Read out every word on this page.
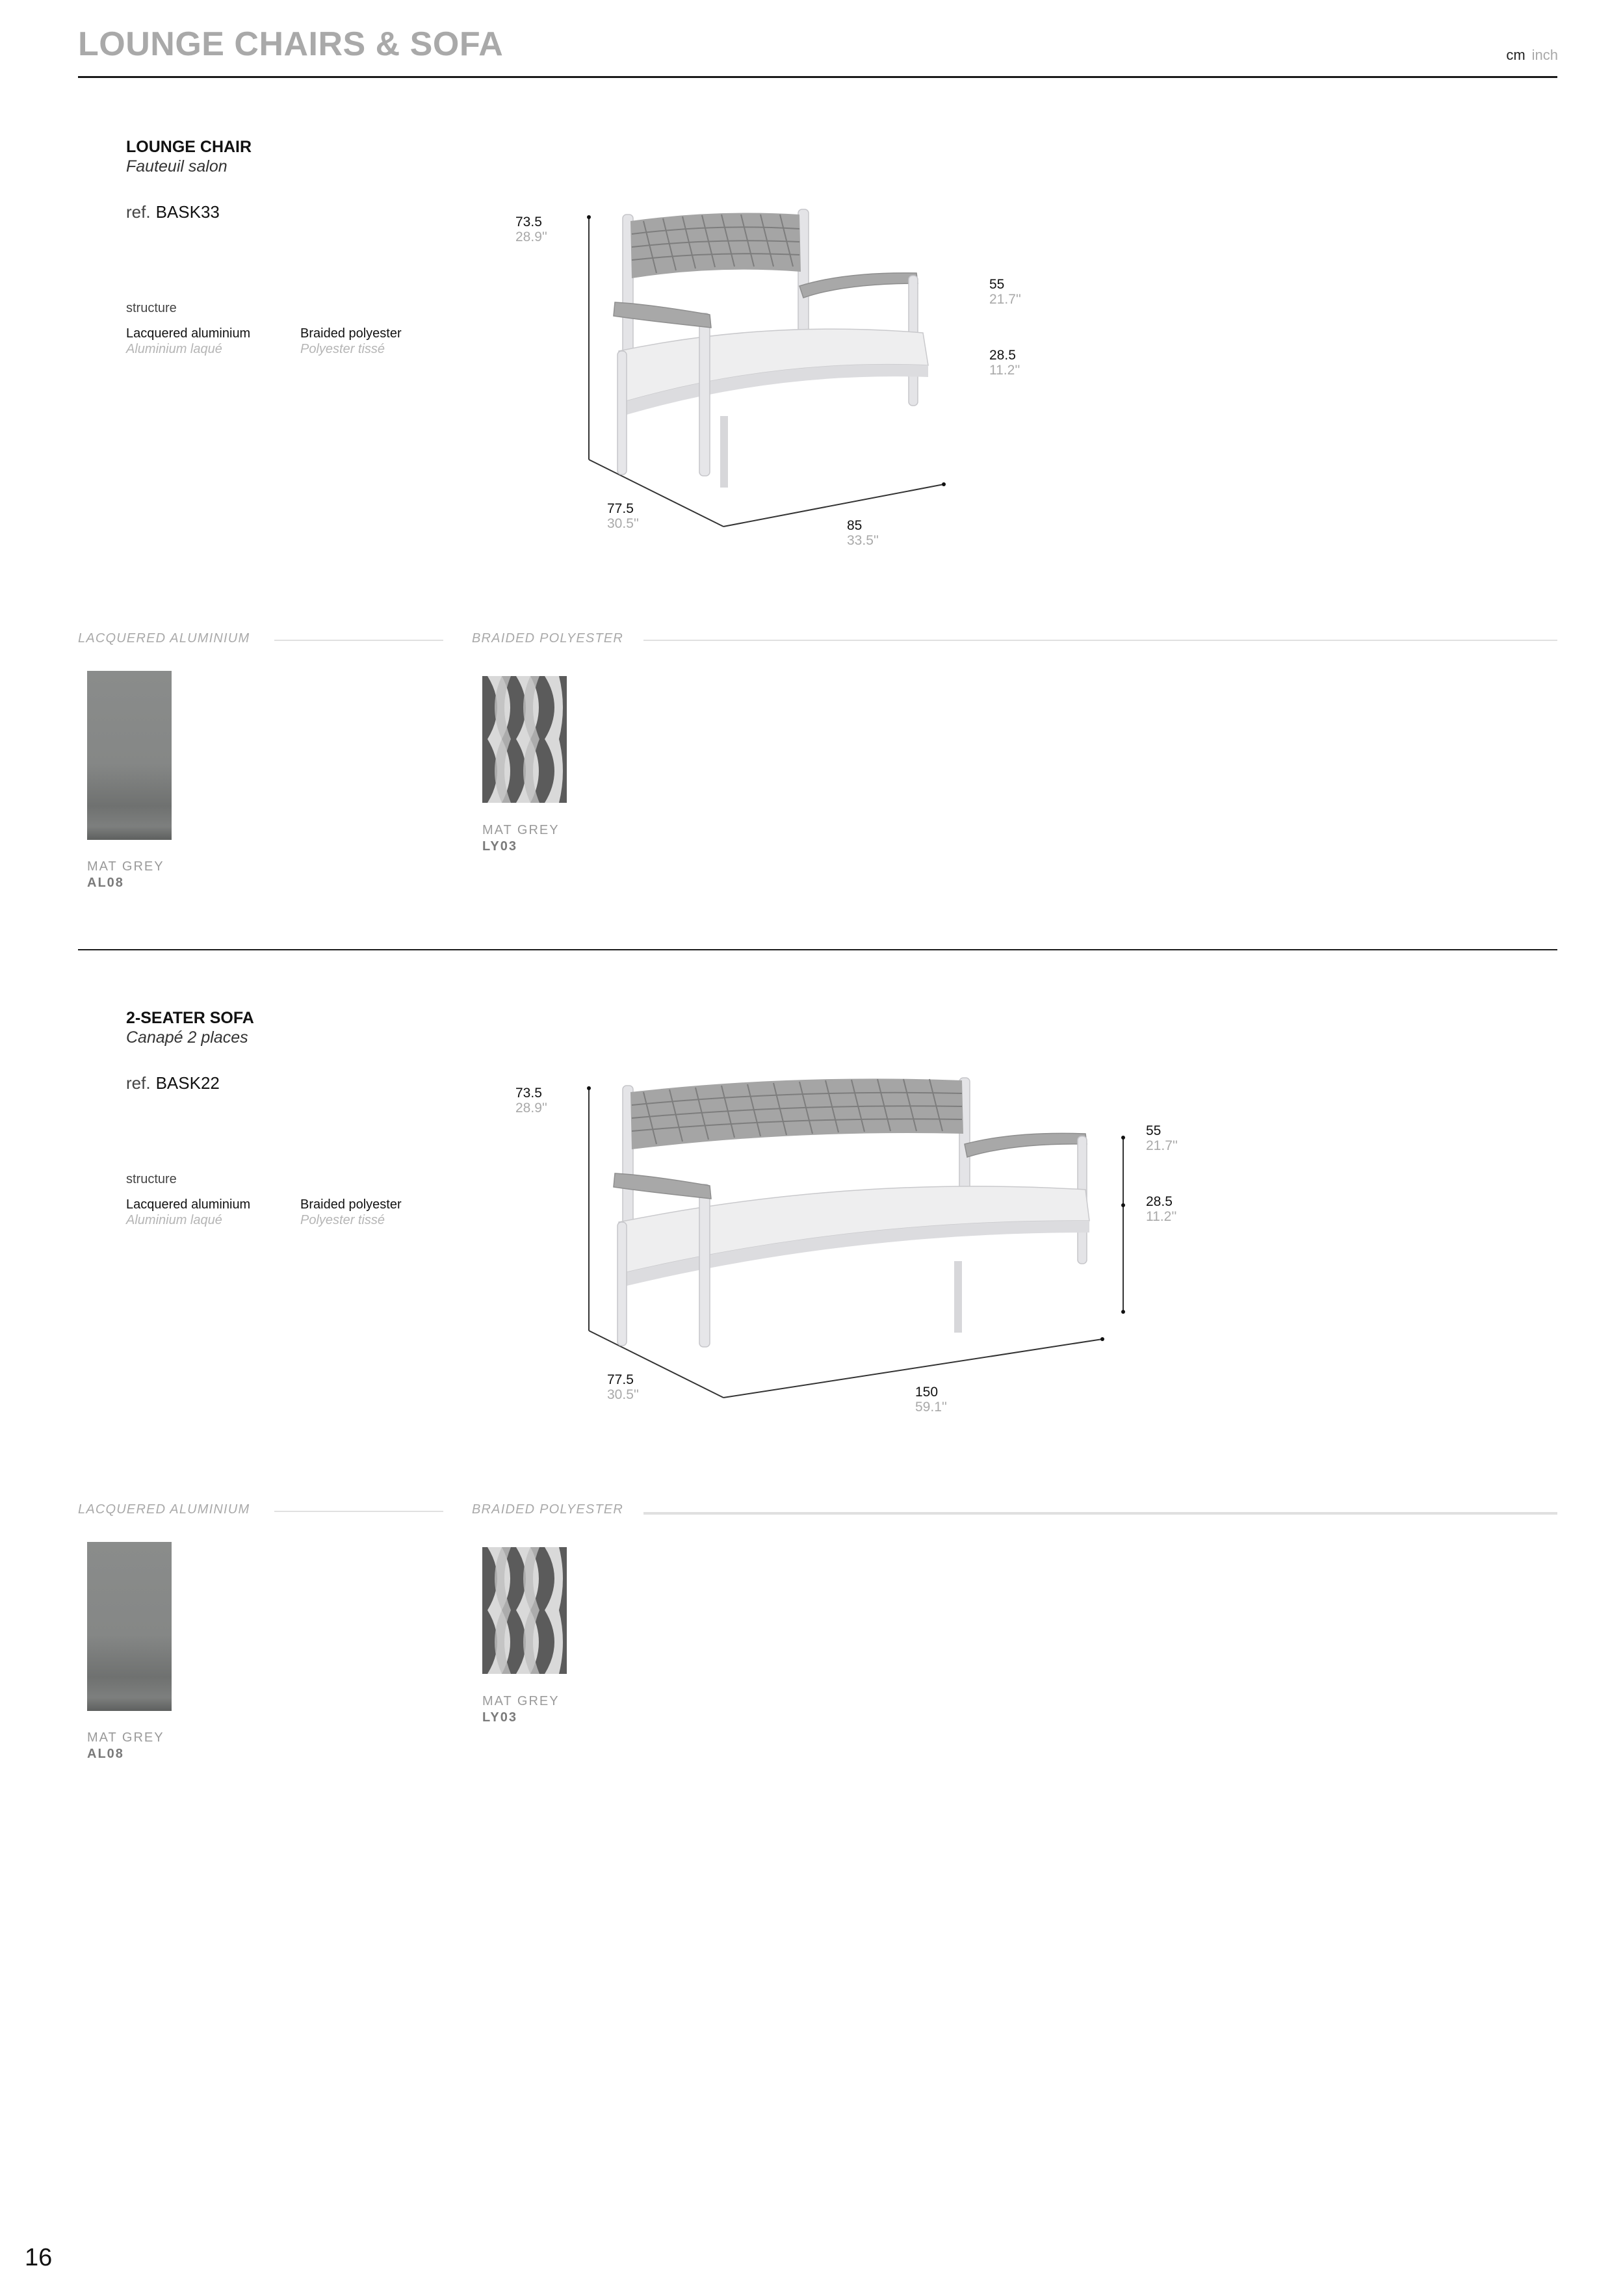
LOUNGE CHAIRS & SOFA	cm inch
LOUNGE CHAIR
Fauteuil salon
ref. BASK33
structure
Lacquered aluminium
Aluminium laqué
Braided polyester
Polyester tissé
73.5
28.9''
55
21.7''
28.5
11.2''
77.5
30.5''	85
33.5''
LACQUERED ALUMINIUM	BRAIDED POLYESTER
MAT GREY
AL08
MAT GREY
LY03
2-SEATER SOFA
Canapé 2 places
ref. BASK22
structure
Lacquered aluminium
Aluminium laqué
Braided polyester
Polyester tissé
73.5
28.9''
55
21.7''
28.5
11.2''
77.5
30.5''	150
59.1''
LACQUERED ALUMINIUM	BRAIDED POLYESTER
MAT GREY
AL08
MAT GREY
LY03
16
